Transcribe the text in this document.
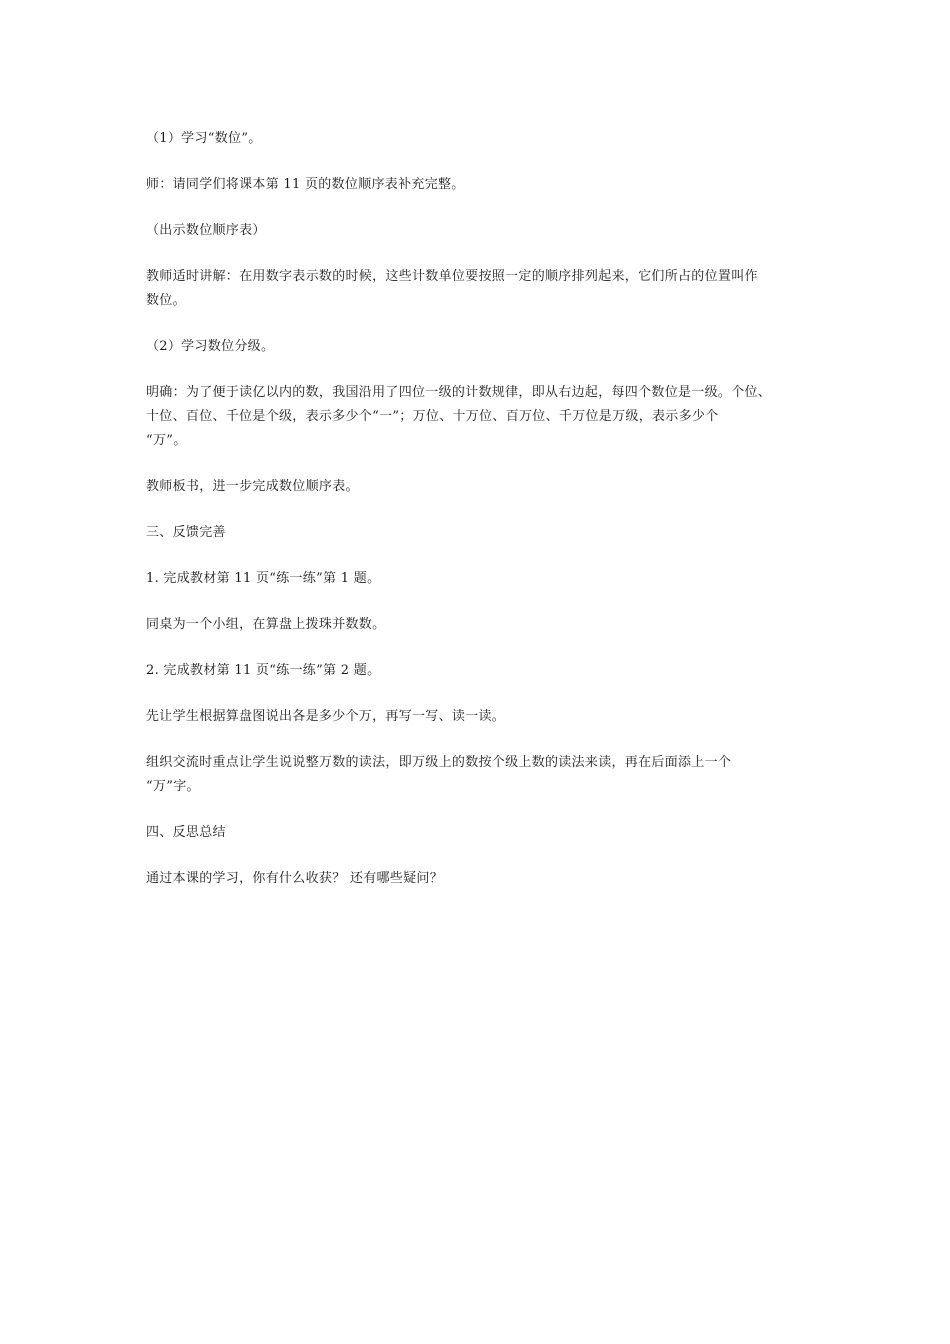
（1）学习“数位”。

师：请同学们将课本第 11 页的数位顺序表补充完整。

（出示数位顺序表）

教师适时讲解：在用数字表示数的时候，这些计数单位要按照一定的顺序排列起来，它们所占的位置叫作
数位。

（2）学习数位分级。

明确：为了便于读亿以内的数，我国沿用了四位一级的计数规律，即从右边起，每四个数位是一级。个位、
十位、百位、千位是个级，表示多少个“一”；万位、十万位、百万位、千万位是万级，表示多少个
“万”。

教师板书，进一步完成数位顺序表。

三、反馈完善

1. 完成教材第 11 页“练一练”第 1 题。

同桌为一个小组，在算盘上拨珠并数数。

2. 完成教材第 11 页“练一练”第 2 题。

先让学生根据算盘图说出各是多少个万，再写一写、读一读。

组织交流时重点让学生说说整万数的读法，即万级上的数按个级上数的读法来读，再在后面添上一个
“万”字。

四、反思总结

通过本课的学习，你有什么收获？ 还有哪些疑问？
